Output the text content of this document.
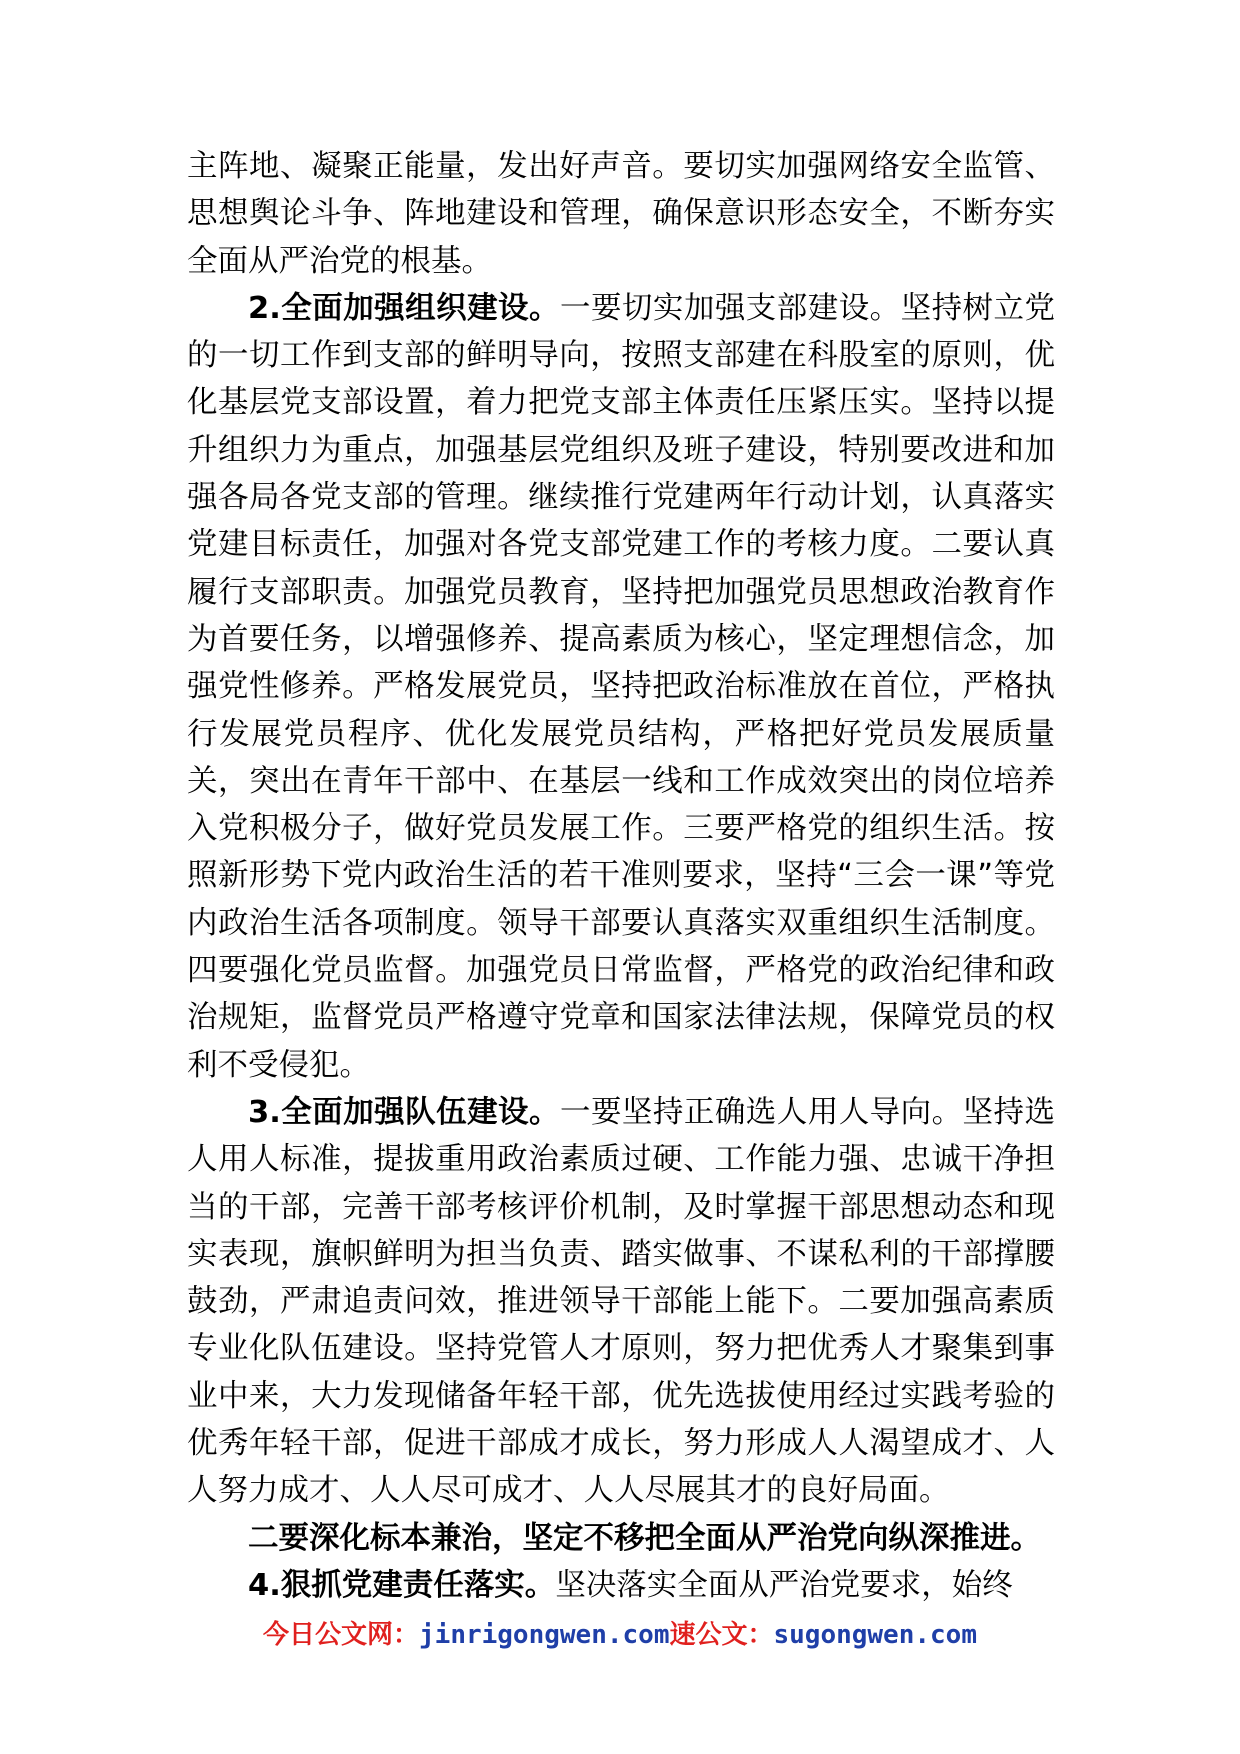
主阵地、凝聚正能量，发出好声音。要切实加强网络安全监管、思想舆论斗争、阵地建设和管理，确保意识形态安全，不断夯实全面从严治党的根基。

2.全面加强组织建设。一要切实加强支部建设。坚持树立党的一切工作到支部的鲜明导向，按照支部建在科股室的原则，优化基层党支部设置，着力把党支部主体责任压紧压实。坚持以提升组织力为重点，加强基层党组织及班子建设，特别要改进和加强各局各党支部的管理。继续推行党建两年行动计划，认真落实党建目标责任，加强对各党支部党建工作的考核力度。二要认真履行支部职责。加强党员教育，坚持把加强党员思想政治教育作为首要任务，以增强修养、提高素质为核心，坚定理想信念，加强党性修养。严格发展党员，坚持把政治标准放在首位，严格执行发展党员程序、优化发展党员结构，严格把好党员发展质量关，突出在青年干部中、在基层一线和工作成效突出的岗位培养入党积极分子，做好党员发展工作。三要严格党的组织生活。按照新形势下党内政治生活的若干准则要求，坚持“三会一课”等党内政治生活各项制度。领导干部要认真落实双重组织生活制度。四要强化党员监督。加强党员日常监督，严格党的政治纪律和政治规矩，监督党员严格遵守党章和国家法律法规，保障党员的权利不受侵犯。

3.全面加强队伍建设。一要坚持正确选人用人导向。坚持选人用人标准，提拔重用政治素质过硬、工作能力强、忠诚干净担当的干部，完善干部考核评价机制，及时掌握干部思想动态和现实表现，旗帜鲜明为担当负责、踏实做事、不谋私利的干部撑腰鼓劲，严肃追责问效，推进领导干部能上能下。二要加强高素质专业化队伍建设。坚持党管人才原则，努力把优秀人才聚集到事业中来，大力发现储备年轻干部，优先选拔使用经过实践考验的优秀年轻干部，促进干部成才成长，努力形成人人渴望成才、人人努力成才、人人尽可成才、人人尽展其才的良好局面。

二要深化标本兼治，坚定不移把全面从严治党向纵深推进。

4.狠抓党建责任落实。坚决落实全面从严治党要求，始终

今日公文网：jinrigongwen.com速公文：sugongwen.com
